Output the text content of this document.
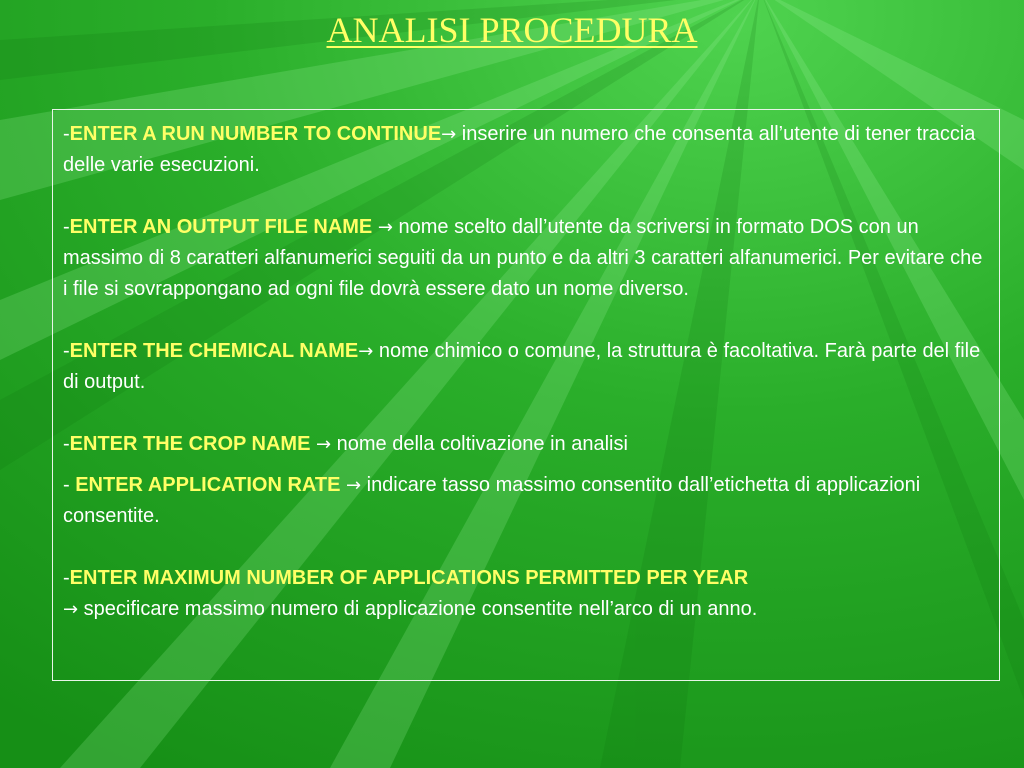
ANALISI PROCEDURA

-ENTER A RUN NUMBER TO CONTINUE→ inserire un numero che consenta all’utente di tener traccia delle varie esecuzioni.

-ENTER AN OUTPUT FILE NAME → nome scelto dall’utente da scriversi in formato DOS con un massimo di 8 caratteri alfanumerici seguiti da un punto e da altri 3 caratteri alfanumerici. Per evitare che i file si sovrappongano ad ogni file dovrà essere dato un nome diverso.

-ENTER THE CHEMICAL NAME→ nome chimico o comune, la struttura è facoltativa. Farà parte del file di output.

-ENTER THE CROP NAME → nome della coltivazione in analisi

- ENTER APPLICATION RATE → indicare tasso massimo consentito dall’etichetta di applicazioni consentite.

-ENTER MAXIMUM NUMBER OF APPLICATIONS PERMITTED PER YEAR
→ specificare massimo numero di applicazione consentite nell’arco di un anno.
